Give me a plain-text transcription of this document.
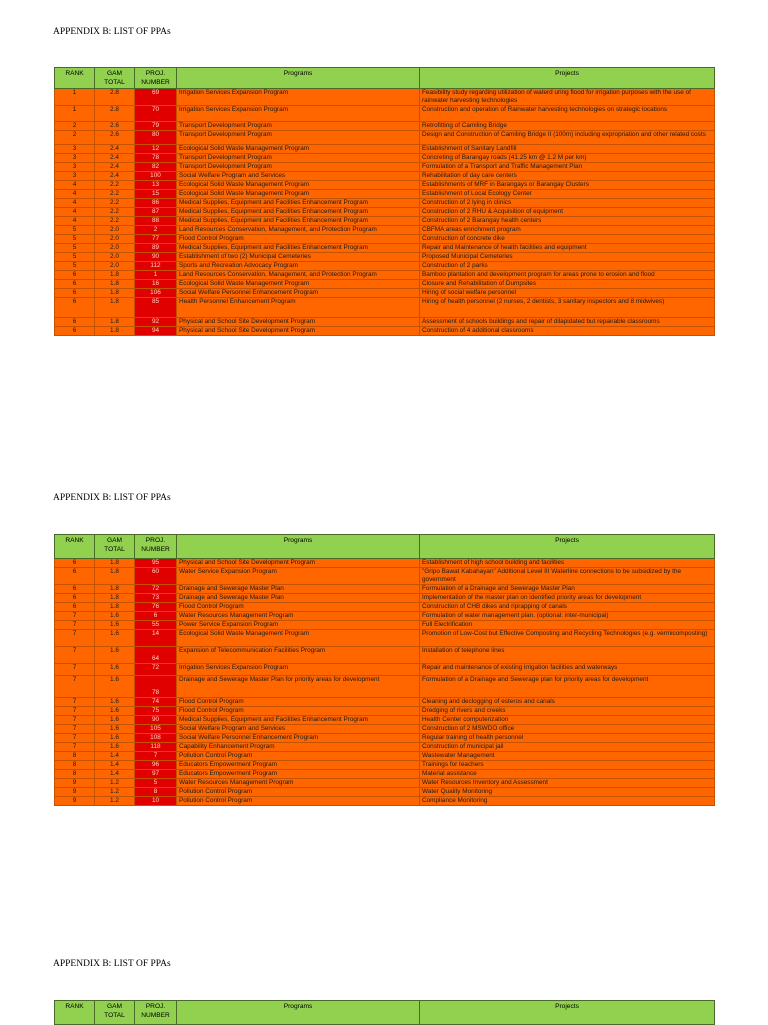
APPENDIX B: LIST OF PPAs
RANK	GAM TOTAL	PROJ. NUMBER	Programs	Projects
1	2.8	69	Irrigation Services Expansion Program	Feasibility study regarding utilization of waterd uring flood for irrigation purposes with the use of rainwater harvesting technologies
1	2.8	70	Irrigation Services Expansion Program	Construction and operation of Rainwater harvesting technologies on strategic locations
2	2.6	79	Transport Development Program	Retrofitting of Camiling Bridge
2	2.6	80	Transport Development Program	Design and Construction of Camiling Bridge II (100m) including expropriation and other related costs
3	2.4	12	Ecological Solid Waste Management Program	Establishment of Sanitary Landfill
3	2.4	78	Transport Development Program	Concreting of Barangay roads (41.25 km @ 1.2 M per km)
3	2.4	82	Transport Development Program	Formulation of a Transport and Traffic Management Plan
3	2.4	100	Social Welfare Program and Services	Rehabilitation of day care centers
4	2.2	13	Ecological Solid Waste Management Program	Establishments of MRF in Barangays or Barangay Clusters
4	2.2	15	Ecological Solid Waste Management Program	Establishment of Local Ecology Center
4	2.2	86	Medical Supplies, Equipment and Facilities Enhancement Program	Construction of 2 lying in clinics
4	2.2	87	Medical Supplies, Equipment and Facilities Enhancement Program	Construction of 2 RHU & Acquisition of equipment
4	2.2	88	Medical Supplies, Equipment and Facilities Enhancement Program	Construction of 2 Barangay health centers
5	2.0	2	Land Resources Conservation, Management, and Protection Program	CBFMA areas enrichment program
5	2.0	77	Flood Control Program	Construction of concrete dike
5	2.0	89	Medical Supplies, Equipment and Facilities Enhancement Program	Repair and Maintenance of health facilities and equipment
5	2.0	90	Establishment of two (2) Municipal Cemeteries	Proposed Municipal Cemeteries
5	2.0	112	Sports and Recreation Advocacy Program	Construction of 2 parks
6	1.8	1	Land Resources Conservation, Management, and Protection Program	Bamboo plantation and development program for areas prone to erosion and flood
6	1.8	16	Ecological Solid Waste Management Program	Closure and Rehabilitation of Dumpsites
6	1.8	106	Social Welfare Personnel Enhancement Program	Hiring of social welfare personnel
6	1.8	85	Health Personnel Enhancement Program	Hiring of health personnel (2 nurses, 2 dentists, 3 sanitary inspectors and 8 midwives)
6	1.8	92	Physical and School Site Development Program	Assessment of schools buildings and repair of dilapidated but repairable classrooms
6	1.8	94	Physical and School Site Development Program	Construction of 4 additional classrooms
APPENDIX B: LIST OF PPAs
RANK	GAM TOTAL	PROJ. NUMBER	Programs	Projects
6	1.8	95	Physical and School Site Development Program	Establishment of high school building and facilities
6	1.8	60	Water Service Expansion Program	"Gripo Bawat Kabahayan" Additional Level III Waterline connections to be subsidized by the government
6	1.8	72	Drainage and Sewerage Master Plan	Formulation of a Drainage and Sewerage Master Plan
6	1.8	73	Drainage and Sewerage Master Plan	Implementation of the master plan on identified priority areas for development
6	1.8	76	Flood Control Program	Construction of CHB dikes and riprapping of canals
7	1.6	6	Water Resources Management Program	Formulation of water management plan. (optional: inter-municipal)
7	1.6	55	Power Service Expansion Program	Full Electrification
7	1.6	14	Ecological Solid Waste Management Program	Promotion of Low-Cost but Effective Composting and Recycling Technologies (e.g. vermicomposting)
7	1.6	64	Expansion of Telecommunication Facilities Program	Installation of telephone lines
7	1.6	72	Irrigation Services Expansion Program	Repair and maintenance of existing irrigation facilities and waterways
7	1.6	78	Drainage and Sewerage Master Plan for priority areas for development	Formulation of a Drainage and Sewerage plan for priority areas for development
7	1.6	74	Flood Control Program	Cleaning and declogging of esteros and canals
7	1.6	75	Flood Control Program	Dredging of rivers and creeks
7	1.6	90	Medical Supplies, Equipment and Facilities Enhancement Program	Health Center computerization
7	1.6	105	Social Welfare Program and Services	Construction of 2 MSWDO office
7	1.6	108	Social Welfare Personnel Enhancement Program	Regular training of health personnel
7	1.6	118	Capability Enhancement Program	Construction of municipal jail
8	1.4	7	Pollution Control Program	Wastewater Management
8	1.4	96	Educators Empowerment Program	Trainings for teachers
8	1.4	97	Educators Empowerment Program	Material assistance
9	1.2	5	Water Resources Management Program	Water Resources Inventory and Assessment
9	1.2	8	Pollution Control Program	Water Quality Monitoring
9	1.2	10	Pollution Control Program	Compliance Monitoring
APPENDIX B: LIST OF PPAs
RANK	GAM TOTAL	PROJ. NUMBER	Programs	Projects
